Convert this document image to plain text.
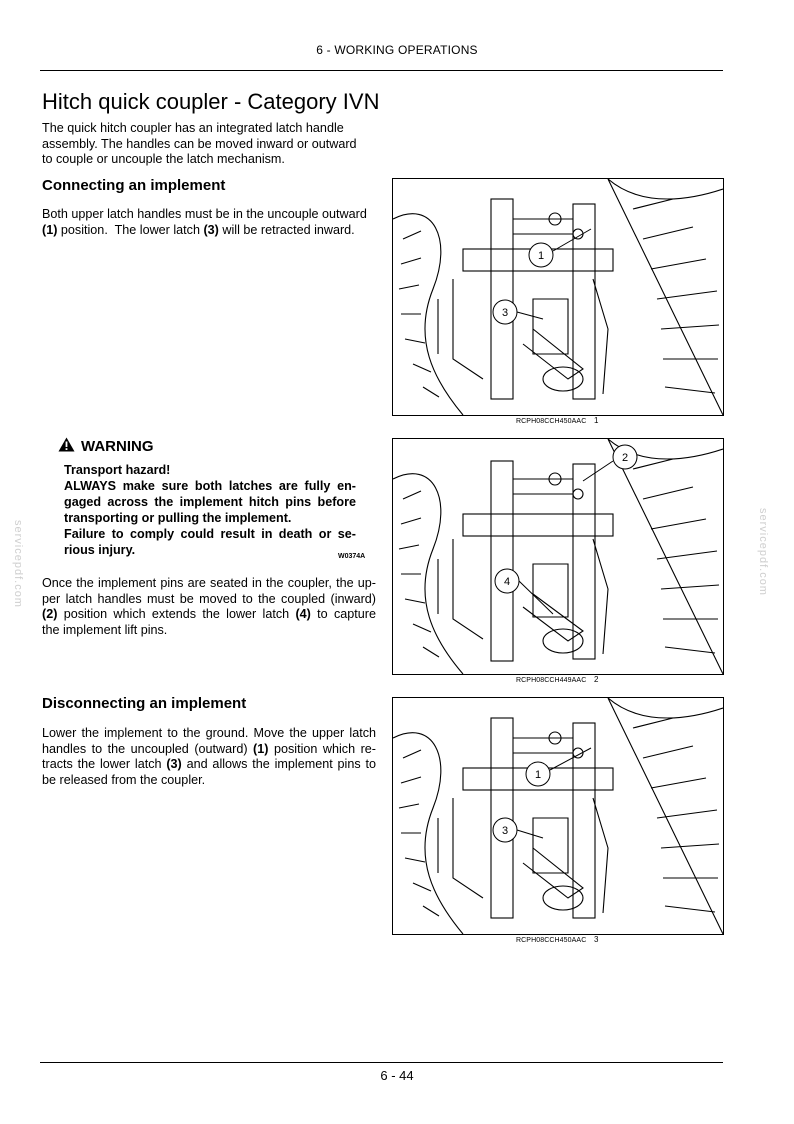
6 - WORKING OPERATIONS
6 - 44
servicepdf.com	servicepdf.com
Hitch quick coupler - Category IVN
The quick hitch coupler has an integrated latch handle
assembly. The handles can be moved inward or outward
to couple or uncouple the latch mechanism.
Connecting an implement
Both upper latch handles must be in the uncouple outward
(1) position.  The lower latch (3) will be retracted inward.
WARNING
Transport hazard!
ALWAYS make sure both latches are fully en-
gaged across the implement hitch pins before
transporting or pulling the implement.
Failure to comply could result in death or se-
rious injury.	W0374A
Once the implement pins are seated in the coupler, the up-
per latch handles must be moved to the coupled (inward)
(2) position which extends the lower latch (4) to capture
the implement lift pins.
Disconnecting an implement
Lower the implement to the ground. Move the upper latch
handles to the uncoupled (outward) (1) position which re-
tracts the lower latch (3) and allows the implement pins to
be released from the coupler.
1
3
RCPH08CCH450AAC 1
2
4
RCPH08CCH449AAC 2
1
3
RCPH08CCH450AAC 3
